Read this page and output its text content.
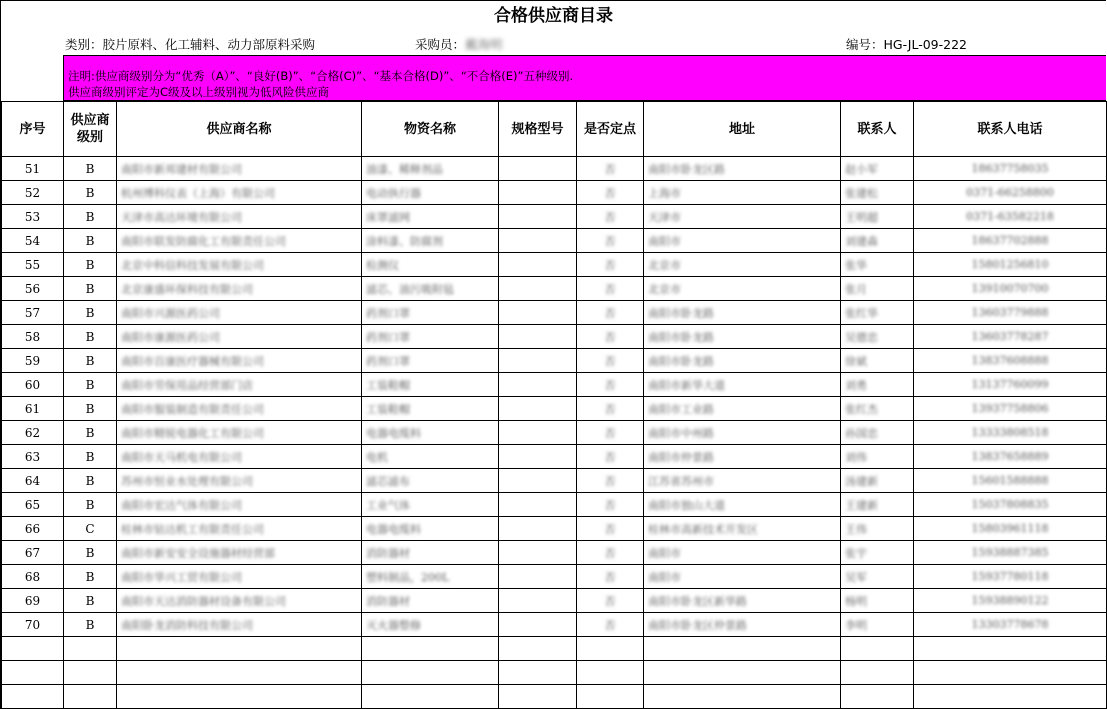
合格供应商目录
类别：胶片原料、化工辅料、动力部原料采购	采购员：戴海明	编号：HG-JL-09-222
注明:供应商级别分为“优秀（A）”、“良好(B)”、“合格(C)”、“基本合格(D)”、“不合格(E)”五种级别.
供应商级别评定为C级及以上级别视为低风险供应商
序号	供应商级别	供应商名称	物资名称	规格型号	是否定点	地址	联系人	联系人电话
51	B	南阳市新邦建材有限公司	油漆、稀释剂品		否	南阳市卧龙区路	赵小军	18637758035
52	B	杭州博科仪表（上海）有限公司	电动执行器		否	上海市	张建松	0371-66258800
53	B	天津市高达环境有限公司	床罩滤网		否	天津市	王明超	0371-63582218
54	B	南阳市联发防腐化工有限责任公司	涂料漆、防腐剂		否	南阳市	刘建森	18637702888
55	B	北京中科信科技发展有限公司	检测仪		否	北京市	张华	15801256810
56	B	北京康盛环保科技有限公司	滤芯、油污吸附毡		否	北京市	张月	13910070700
57	B	南阳市兴源医药公司	药剂口罩		否	南阳市卧龙路	张红华	13603779888
58	B	南阳市康源医药公司	药剂口罩		否	南阳市卧龙路	吴德忠	13603778287
59	B	南阳市百康医疗器械有限公司	药剂口罩		否	南阳市卧龙路	徐斌	13837608888
60	B	南阳市劳保用品经营部门店	工装鞋帽		否	南阳市新华大道	刘勇	13137760099
61	B	南阳市服装制造有限责任公司	工装鞋帽		否	南阳市工业路	张红杰	13937758806
62	B	南阳市精锐电器化工有限公司	电器电缆料		否	南阳市中州路	孙国忠	13333808518
63	B	南阳市天马机电有限公司	电机		否	南阳市仲景路	刘伟	13837658889
64	B	苏州市恒业水处理有限公司	滤芯滤布		否	江苏省苏州市	汤建新	15601588888
65	B	南阳市宏达气体有限公司	工业气体		否	南阳市独山大道	王建新	15037808835
66	C	桂林市钻达机工有限责任公司	电器电缆料		否	桂林市高新技术开发区	王伟	15803961118
67	B	南阳市新安安全设施器材经营部	消防器材		否	南阳市	张宇	15938887385
68	B	南阳市华兴工贸有限公司	塑料制品，200L		否	南阳市	吴军	15937780118
69	B	南阳市天达消防器材设备有限公司	消防器材		否	南阳市卧龙区新华路	杨明	15938890122
70	B	南阳卧龙消防科技有限公司	灭火器整修		否	南阳市卧龙区仲景路	李明	13303778678
